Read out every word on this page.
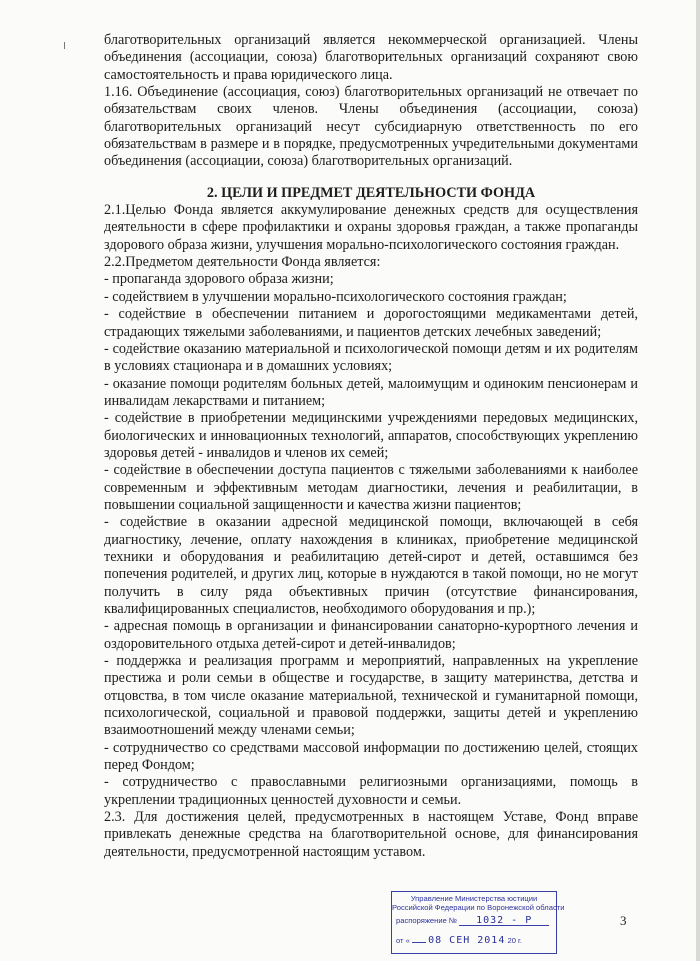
благотворительных организаций является некоммерческой организацией. Члены объединения (ассоциации, союза) благотворительных организаций сохраняют свою самостоятельность и права юридического лица.

1.16. Объединение (ассоциация, союз) благотворительных организаций не отвечает по обязательствам своих членов. Члены объединения (ассоциации, союза) благотворительных организаций несут субсидиарную ответственность по его обязательствам в размере и в порядке, предусмотренных учредительными документами объединения (ассоциации, союза) благотворительных организаций.

2. ЦЕЛИ И ПРЕДМЕТ ДЕЯТЕЛЬНОСТИ ФОНДА

2.1.Целью Фонда является аккумулирование денежных средств для осуществления деятельности в сфере профилактики и охраны здоровья граждан, а также пропаганды здорового образа жизни, улучшения морально-психологического состояния граждан.

2.2.Предметом деятельности Фонда является:

- пропаганда здорового образа жизни;

- содействием в улучшении морально-психологического состояния граждан;

- содействие в обеспечении питанием и дорогостоящими медикаментами детей, страдающих тяжелыми заболеваниями, и пациентов детских лечебных заведений;

- содействие оказанию материальной и психологической помощи детям и их родителям в условиях стационара и в домашних условиях;

- оказание помощи родителям больных детей, малоимущим и одиноким пенсионерам и инвалидам лекарствами и питанием;

- содействие в приобретении медицинскими учреждениями передовых медицинских, биологических и инновационных технологий, аппаратов, способствующих укреплению здоровья детей - инвалидов и членов их семей;

- содействие в обеспечении доступа пациентов с тяжелыми заболеваниями к наиболее современным и эффективным методам диагностики, лечения и реабилитации, в повышении социальной защищенности и качества жизни пациентов;

- содействие в оказании адресной медицинской помощи, включающей в себя диагностику, лечение, оплату нахождения в клиниках, приобретение медицинской техники и оборудования и реабилитацию детей-сирот и детей, оставшимся без попечения родителей, и других лиц, которые в нуждаются в такой помощи, но не могут получить в силу ряда объективных причин (отсутствие финансирования, квалифицированных специалистов, необходимого оборудования и пр.);

- адресная помощь в организации и финансировании санаторно-курортного лечения и оздоровительного отдыха детей-сирот и детей-инвалидов;

- поддержка и реализация программ и мероприятий, направленных на укрепление престижа и роли семьи в обществе и государстве, в защиту материнства, детства и отцовства, в том числе оказание материальной, технической и гуманитарной помощи, психологической, социальной и правовой поддержки, защиты детей и укреплению взаимоотношений между членами семьи;

- сотрудничество со средствами массовой информации по достижению целей, стоящих перед Фондом;

- сотрудничество с православными религиозными организациями, помощь в укреплении традиционных ценностей духовности и семьи.

2.3. Для достижения целей, предусмотренных в настоящем Уставе, Фонд вправе привлекать денежные средства на благотворительной основе, для финансирования деятельности, предусмотренной настоящим уставом.

Управление Министерства юстиции
Российской Федерации по Воронежской области
распоряжение № 1032 - Р
от « 08 СЕН 2014 20 г.
3
